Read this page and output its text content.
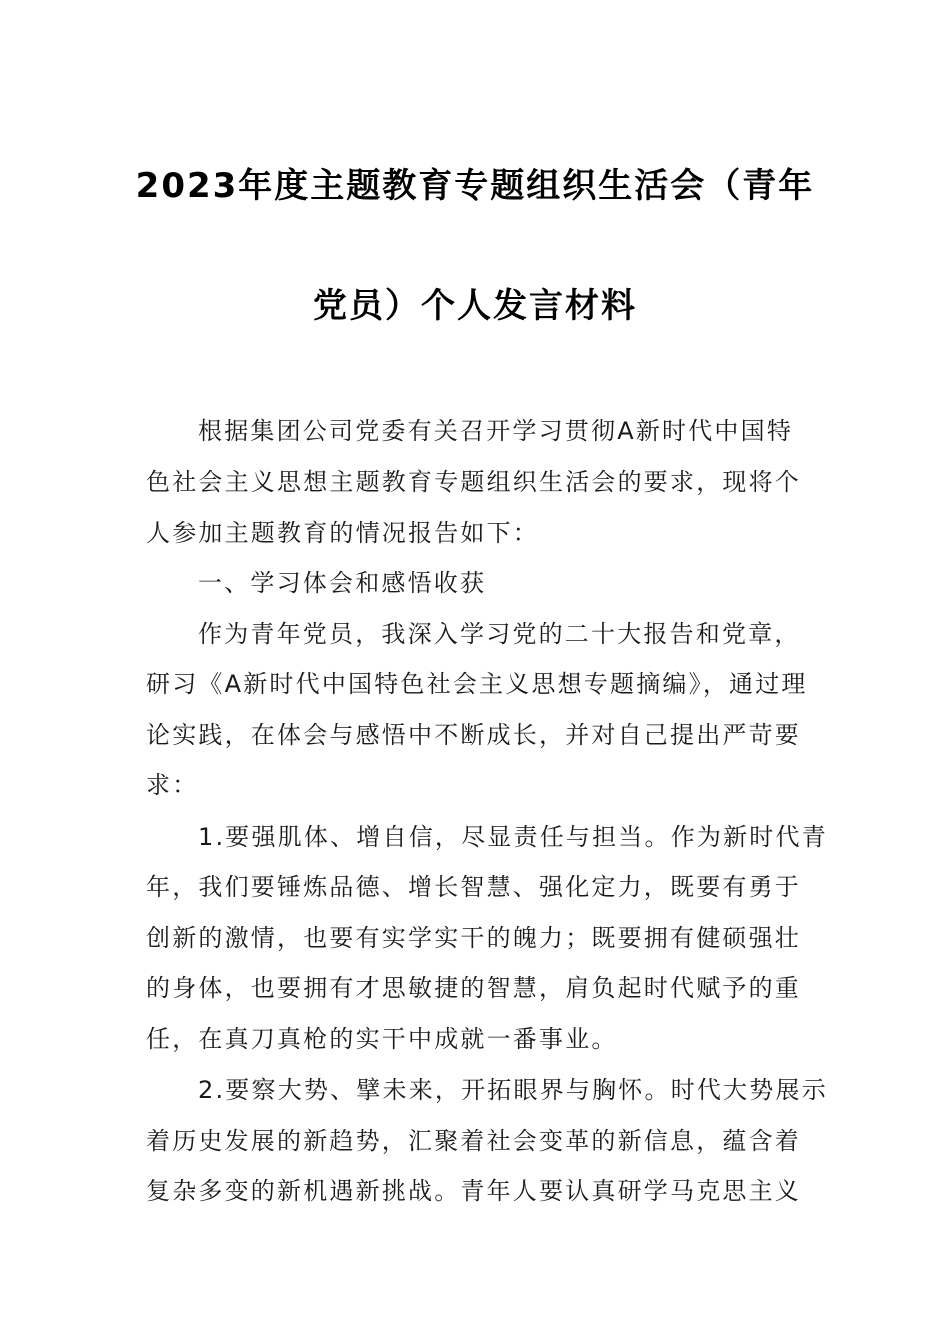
2023年度主题教育专题组织生活会（青年
党员）个人发言材料
根据集团公司党委有关召开学习贯彻A新时代中国特
色社会主义思想主题教育专题组织生活会的要求，现将个
人参加主题教育的情况报告如下：
一、学习体会和感悟收获
作为青年党员，我深入学习党的二十大报告和党章，
研习《A新时代中国特色社会主义思想专题摘编》，通过理
论实践，在体会与感悟中不断成长，并对自己提出严苛要
求：
1.要强肌体、增自信，尽显责任与担当。作为新时代青
年，我们要锤炼品德、增长智慧、强化定力，既要有勇于
创新的激情，也要有实学实干的魄力；既要拥有健硕强壮
的身体，也要拥有才思敏捷的智慧，肩负起时代赋予的重
任，在真刀真枪的实干中成就一番事业。
2.要察大势、擘未来，开拓眼界与胸怀。时代大势展示
着历史发展的新趋势，汇聚着社会变革的新信息，蕴含着
复杂多变的新机遇新挑战。青年人要认真研学马克思主义
